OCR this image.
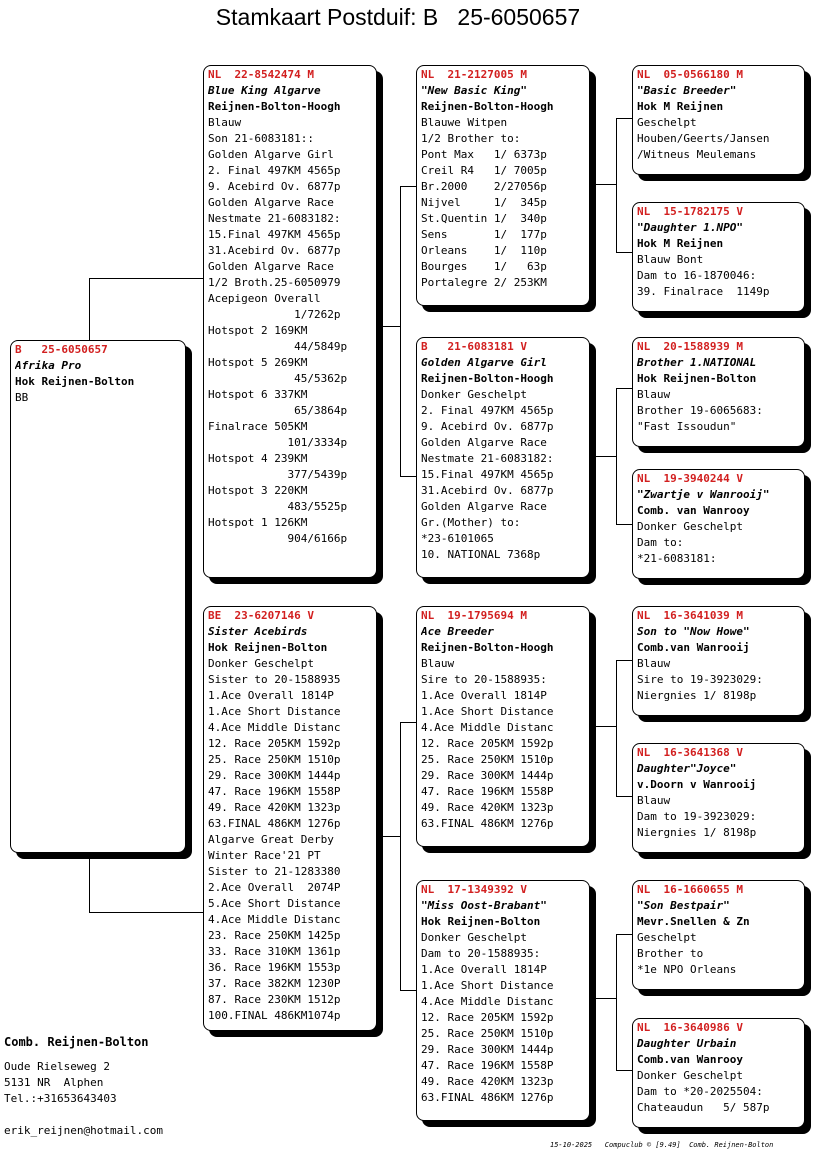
Stamkaart Postduif: B   25-6050657
B   25-6050657
Afrika Pro
Hok Reijnen-Bolton
BB
NL  22-8542474 M
Blue King Algarve
Reijnen-Bolton-Hoogh
Blauw
Son 21-6083181::
Golden Algarve Girl
2. Final 497KM 4565p
9. Acebird Ov. 6877p
Golden Algarve Race
Nestmate 21-6083182:
15.Final 497KM 4565p
31.Acebird Ov. 6877p
Golden Algarve Race
1/2 Broth.25-6050979
Acepigeon Overall
1/7262p
Hotspot 2 169KM
44/5849p
Hotspot 5 269KM
45/5362p
Hotspot 6 337KM
65/3864p
Finalrace 505KM
101/3334p
Hotspot 4 239KM
377/5439p
Hotspot 3 220KM
483/5525p
Hotspot 1 126KM
904/6166p
BE  23-6207146 V
Sister Acebirds
Hok Reijnen-Bolton
Donker Geschelpt
Sister to 20-1588935
1.Ace Overall 1814P
1.Ace Short Distance
4.Ace Middle Distanc
12. Race 205KM 1592p
25. Race 250KM 1510p
29. Race 300KM 1444p
47. Race 196KM 1558P
49. Race 420KM 1323p
63.FINAL 486KM 1276p
Algarve Great Derby
Winter Race'21 PT
Sister to 21-1283380
2.Ace Overall  2074P
5.Ace Short Distance
4.Ace Middle Distanc
23. Race 250KM 1425p
33. Race 310KM 1361p
36. Race 196KM 1553p
37. Race 382KM 1230P
87. Race 230KM 1512p
100.FINAL 486KM1074p
NL  21-2127005 M
"New Basic King"
Reijnen-Bolton-Hoogh
Blauwe Witpen
1/2 Brother to:
Pont Max   1/ 6373p
Creil R4   1/ 7005p
Br.2000    2/27056p
Nijvel     1/  345p
St.Quentin 1/  340p
Sens       1/  177p
Orleans    1/  110p
Bourges    1/   63p
Portalegre 2/ 253KM
B   21-6083181 V
Golden Algarve Girl
Reijnen-Bolton-Hoogh
Donker Geschelpt
2. Final 497KM 4565p
9. Acebird Ov. 6877p
Golden Algarve Race
Nestmate 21-6083182:
15.Final 497KM 4565p
31.Acebird Ov. 6877p
Golden Algarve Race
Gr.(Mother) to:
*23-6101065
10. NATIONAL 7368p
NL  19-1795694 M
Ace Breeder
Reijnen-Bolton-Hoogh
Blauw
Sire to 20-1588935:
1.Ace Overall 1814P
1.Ace Short Distance
4.Ace Middle Distanc
12. Race 205KM 1592p
25. Race 250KM 1510p
29. Race 300KM 1444p
47. Race 196KM 1558P
49. Race 420KM 1323p
63.FINAL 486KM 1276p
NL  17-1349392 V
"Miss Oost-Brabant"
Hok Reijnen-Bolton
Donker Geschelpt
Dam to 20-1588935:
1.Ace Overall 1814P
1.Ace Short Distance
4.Ace Middle Distanc
12. Race 205KM 1592p
25. Race 250KM 1510p
29. Race 300KM 1444p
47. Race 196KM 1558P
49. Race 420KM 1323p
63.FINAL 486KM 1276p
NL  05-0566180 M
"Basic Breeder"
Hok M Reijnen
Geschelpt
Houben/Geerts/Jansen
/Witneus Meulemans
NL  15-1782175 V
"Daughter 1.NPO"
Hok M Reijnen
Blauw Bont
Dam to 16-1870046:
39. Finalrace  1149p
NL  20-1588939 M
Brother 1.NATIONAL
Hok Reijnen-Bolton
Blauw
Brother 19-6065683:
"Fast Issoudun"
NL  19-3940244 V
"Zwartje v Wanrooij"
Comb. van Wanrooy
Donker Geschelpt
Dam to:
*21-6083181:
NL  16-3641039 M
Son to "Now Howe"
Comb.van Wanrooij
Blauw
Sire to 19-3923029:
Niergnies 1/ 8198p
NL  16-3641368 V
Daughter"Joyce"
v.Doorn v Wanrooij
Blauw
Dam to 19-3923029:
Niergnies 1/ 8198p
NL  16-1660655 M
"Son Bestpair"
Mevr.Snellen & Zn
Geschelpt
Brother to
*1e NPO Orleans
NL  16-3640986 V
Daughter Urbain
Comb.van Wanrooy
Donker Geschelpt
Dam to *20-2025504:
Chateaudun   5/ 587p
Comb. Reijnen-Bolton
Oude Rielseweg 2
5131 NR  Alphen
Tel.:+31653643403
erik_reijnen@hotmail.com
15-10-2025   Compuclub © [9.49]  Comb. Reijnen-Bolton
